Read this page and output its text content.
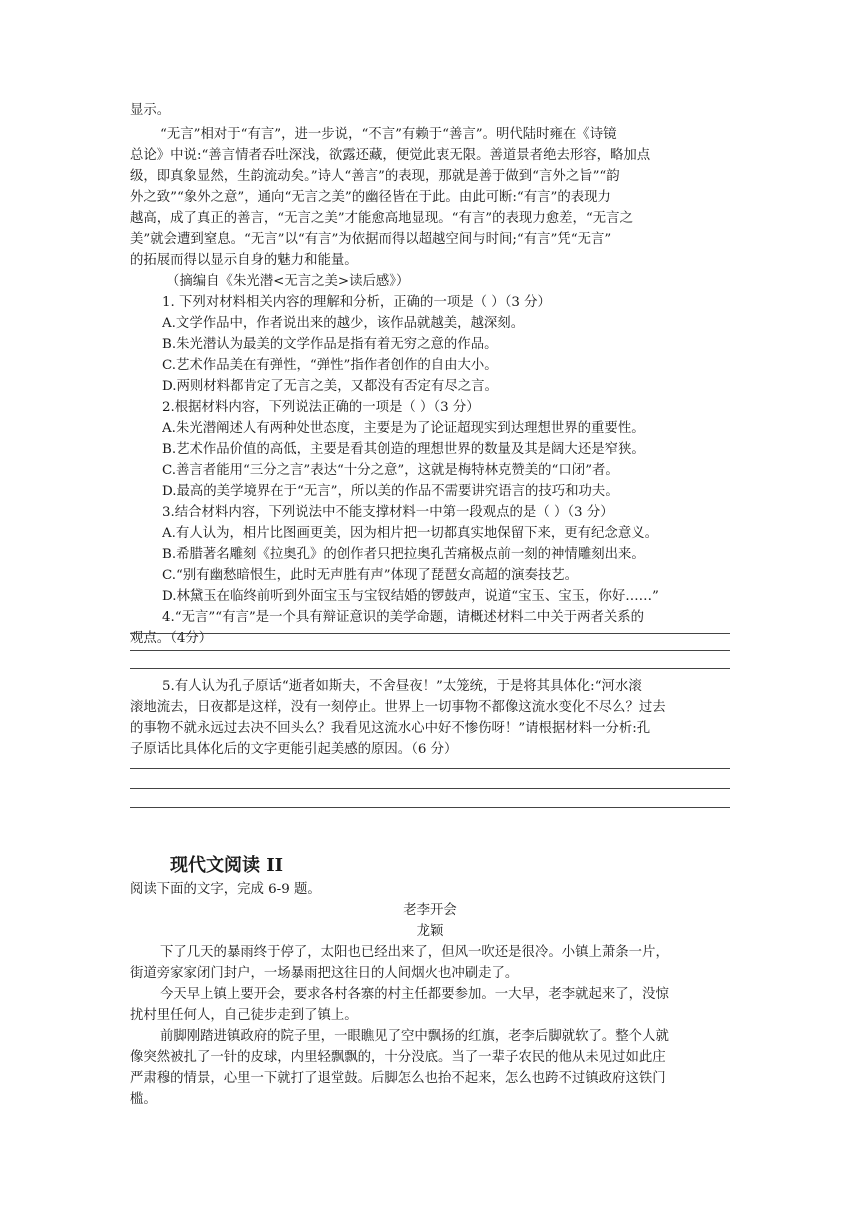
显示。
“无言”相对于“有言”，进一步说，“不言”有赖于“善言”。明代陆时雍在《诗镜
总论》中说:“善言情者吞吐深浅，欲露还藏，便觉此衷无限。善道景者绝去形容，略加点
级，即真象显然，生韵流动矣。”诗人“善言”的表现，那就是善于做到“言外之旨”“韵
外之致”“象外之意”，通向“无言之美”的幽径皆在于此。由此可断:“有言”的表现力
越高，成了真正的善言，“无言之美”才能愈高地显现。“有言”的表现力愈差，“无言之
美”就会遭到窒息。“无言”以“有言”为依据而得以超越空间与时间;“有言”凭“无言”
的拓展而得以显示自身的魅力和能量。
（摘编自《朱光潜<无言之美>读后感》）
1. 下列对材料相关内容的理解和分析，正确的一项是（ ）（3 分）
A.文学作品中，作者说出来的越少，该作品就越美，越深刻。
B.朱光潜认为最美的文学作品是指有着无穷之意的作品。
C.艺术作品美在有弹性，“弹性”指作者创作的自由大小。
D.两则材料都肯定了无言之美，又都没有否定有尽之言。
2.根据材料内容，下列说法正确的一项是（ ）（3 分）
A.朱光潜阐述人有两种处世态度，主要是为了论证超现实到达理想世界的重要性。
B.艺术作品价值的高低，主要是看其创造的理想世界的数量及其是阔大还是窄狭。
C.善言者能用“三分之言”表达“十分之意”，这就是梅特林克赞美的“口闭”者。
D.最高的美学境界在于“无言”，所以美的作品不需要讲究语言的技巧和功夫。
3.结合材料内容，下列说法中不能支撑材料一中第一段观点的是（ ）（3 分）
A.有人认为，相片比图画更美，因为相片把一切都真实地保留下来，更有纪念意义。
B.希腊著名雕刻《拉奥孔》的创作者只把拉奥孔苦痛极点前一刻的神情雕刻出来。
C.“别有幽愁暗恨生，此时无声胜有声”体现了琵琶女高超的演奏技艺。
D.林黛玉在临终前听到外面宝玉与宝钗结婚的锣鼓声，说道“宝玉、宝玉，你好……”
4.“无言”“有言”是一个具有辩证意识的美学命题，请概述材料二中关于两者关系的
观点。（4分）
5.有人认为孔子原话“逝者如斯夫，不舍昼夜！”太笼统，于是将其具体化:“河水滚
滚地流去，日夜都是这样，没有一刻停止。世界上一切事物不都像这流水变化不尽么？过去
的事物不就永远过去决不回头么？我看见这流水心中好不惨伤呀！”请根据材料一分析:孔
子原话比具体化后的文字更能引起美感的原因。（6 分）
现代文阅读 II
阅读下面的文字，完成 6-9 题。
老李开会
龙颖
下了几天的暴雨终于停了，太阳也已经出来了，但风一吹还是很冷。小镇上萧条一片，
街道旁家家闭门封户，一场暴雨把这往日的人间烟火也冲刷走了。
今天早上镇上要开会，要求各村各寨的村主任都要参加。一大早，老李就起来了，没惊
扰村里任何人，自己徒步走到了镇上。
前脚刚踏进镇政府的院子里，一眼瞧见了空中飘扬的红旗，老李后脚就软了。整个人就
像突然被扎了一针的皮球，内里轻飘飘的，十分没底。当了一辈子农民的他从未见过如此庄
严肃穆的情景，心里一下就打了退堂鼓。后脚怎么也抬不起来，怎么也跨不过镇政府这铁门
槛。
